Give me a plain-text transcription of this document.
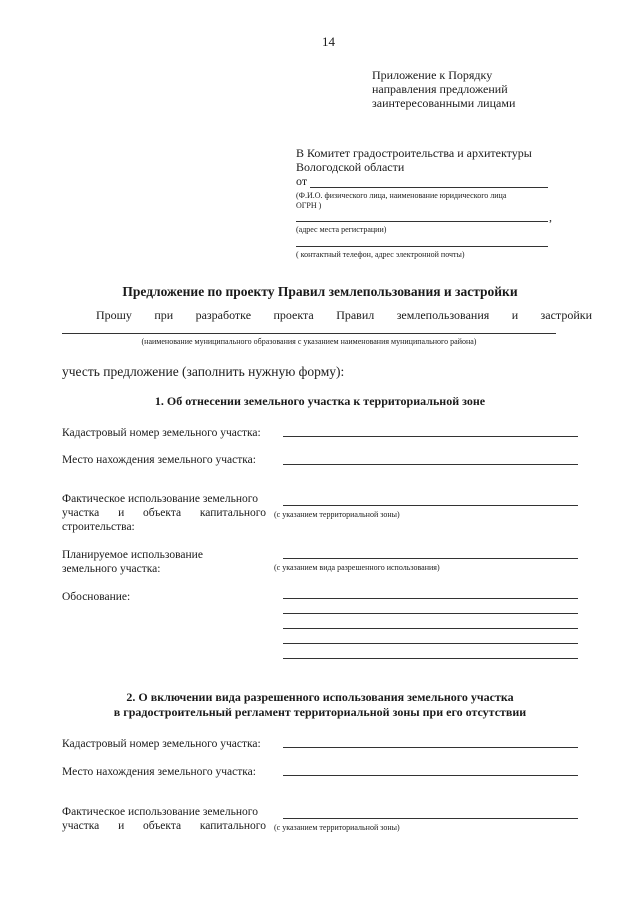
14
Приложение к Порядку
направления предложений
заинтересованными лицами
В Комитет градостроительства и архитектуры
Вологодской области
от
(Ф.И.О. физического лица, наименование юридического лица
ОГРН )
,
(адрес места регистрации)
( контактный телефон, адрес электронной почты)
Предложение по проекту Правил землепользования и застройки
Прошу при разработке проекта Правил землепользования и застройки
(наименование муниципального образования с указанием наименования муниципального района)
учесть предложение (заполнить нужную форму):
1. Об отнесении земельного участка к территориальной зоне
Кадастровый номер земельного участка:
Место нахождения земельного участка:
Фактическое использование земельного
участка и объекта капитального
строительства:
(с указанием территориальной зоны)
Планируемое использование
земельного участка:	(с указанием вида разрешенного использования)
Обоснование:
2. О включении вида разрешенного использования земельного участка
в градостроительный регламент территориальной зоны при его отсутствии
Кадастровый номер земельного участка:
Место нахождения земельного участка:
Фактическое использование земельного
участка и объекта капитального (с указанием территориальной зоны)
